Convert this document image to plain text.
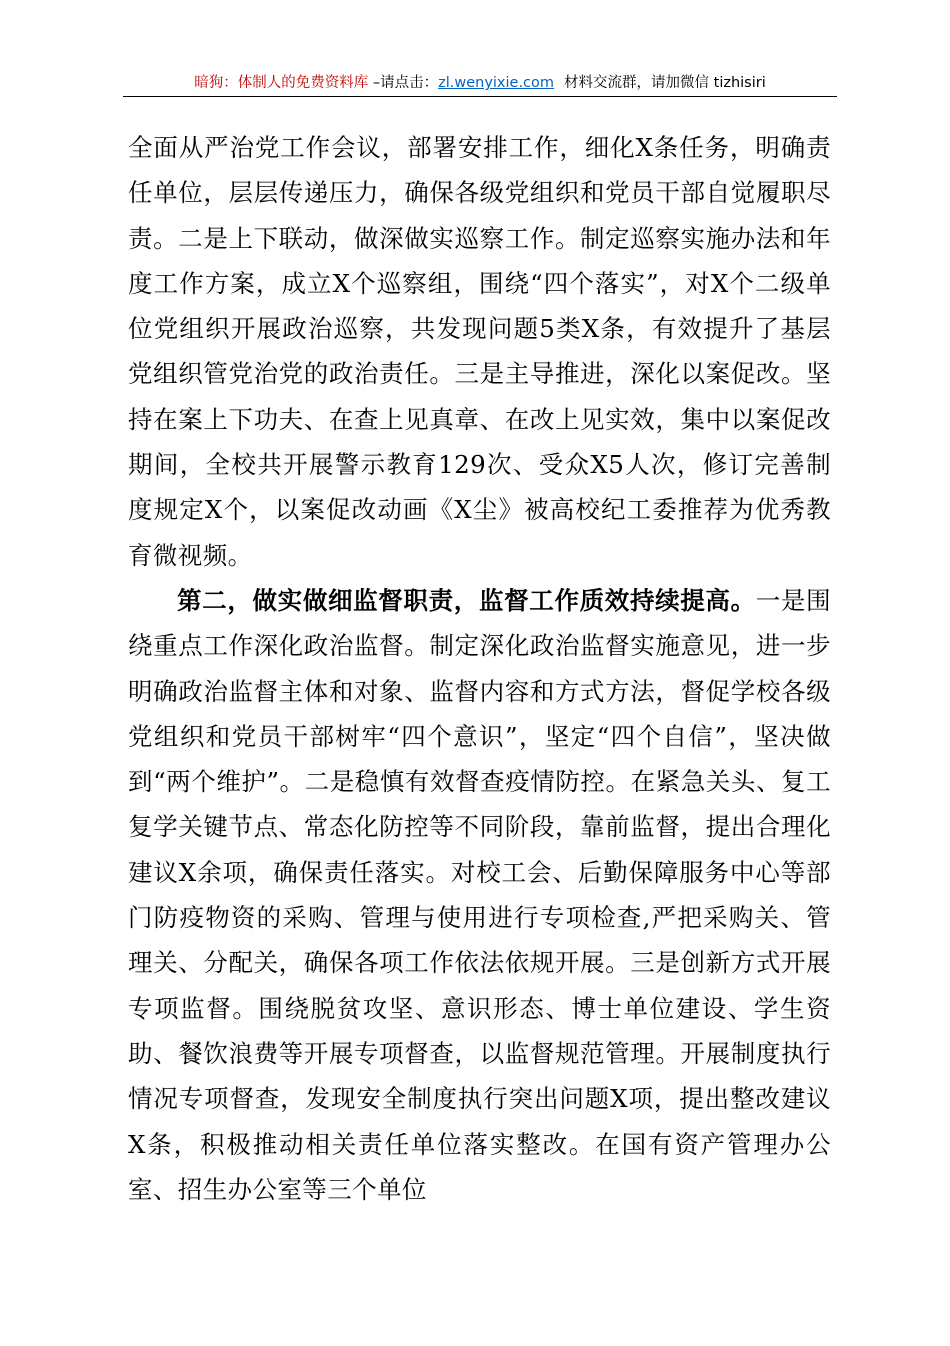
暗狗：体制人的免费资料库 –请点击：zl.wenyixie.com 材料交流群，请加微信 tizhisiri

全面从严治党工作会议，部署安排工作，细化X条任务，明确责任单位，层层传递压力，确保各级党组织和党员干部自觉履职尽责。二是上下联动，做深做实巡察工作。制定巡察实施办法和年度工作方案，成立X个巡察组，围绕“四个落实”，对X个二级单位党组织开展政治巡察，共发现问题5类X条，有效提升了基层党组织管党治党的政治责任。三是主导推进，深化以案促改。坚持在案上下功夫、在查上见真章、在改上见实效，集中以案促改期间，全校共开展警示教育129次、受众X5人次，修订完善制度规定X个，以案促改动画《X尘》被高校纪工委推荐为优秀教育微视频。

第二，做实做细监督职责，监督工作质效持续提高。一是围绕重点工作深化政治监督。制定深化政治监督实施意见，进一步明确政治监督主体和对象、监督内容和方式方法，督促学校各级党组织和党员干部树牢“四个意识”，坚定“四个自信”，坚决做到“两个维护”。二是稳慎有效督查疫情防控。在紧急关头、复工复学关键节点、常态化防控等不同阶段，靠前监督，提出合理化建议X余项，确保责任落实。对校工会、后勤保障服务中心等部门防疫物资的采购、管理与使用进行专项检查,严把采购关、管理关、分配关，确保各项工作依法依规开展。三是创新方式开展专项监督。围绕脱贫攻坚、意识形态、博士单位建设、学生资助、餐饮浪费等开展专项督查，以监督规范管理。开展制度执行情况专项督查，发现安全制度执行突出问题X项，提出整改建议X条，积极推动相关责任单位落实整改。在国有资产管理办公室、招生办公室等三个单位
